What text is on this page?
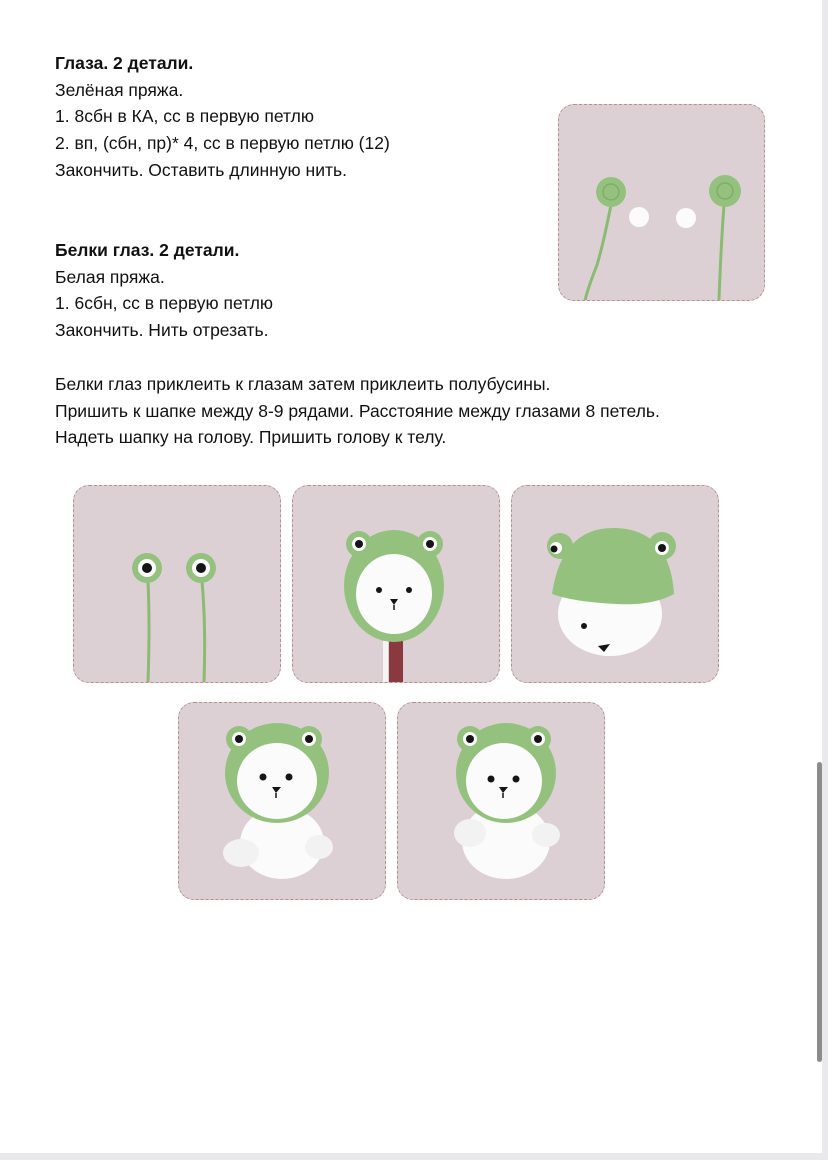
Глаза. 2 детали.
Зелёная пряжа.
1. 8сбн в КА, сс в первую петлю
2. вп, (сбн, пр)* 4, сс в первую петлю (12)
Закончить. Оставить длинную нить.
Белки глаз. 2 детали.
Белая пряжа.
1. 6сбн, сс в первую петлю
Закончить. Нить отрезать.
Белки глаз приклеить к глазам затем приклеить полубусины.
Пришить к шапке между 8-9 рядами. Расстояние между глазами 8 петель.
Надеть шапку на голову. Пришить голову к телу.
